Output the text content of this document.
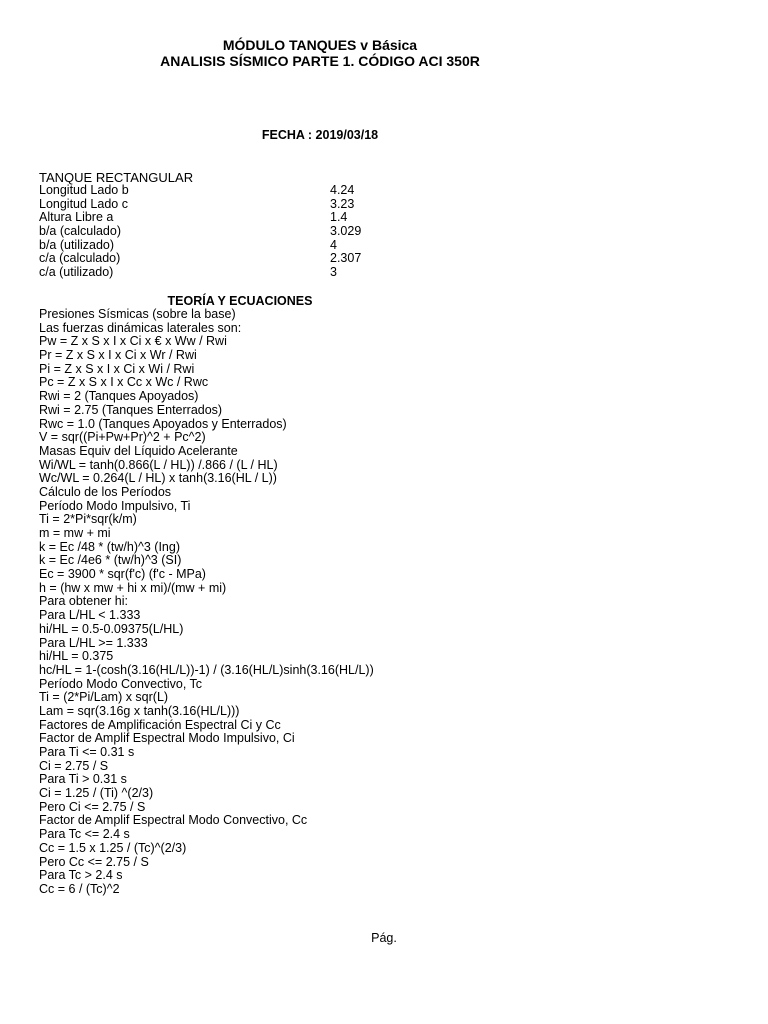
MÓDULO TANQUES v Básica
ANALISIS SÍSMICO PARTE 1. CÓDIGO ACI 350R
FECHA : 2019/03/18
TANQUE RECTANGULAR
Longitud Lado b	4.24
Longitud Lado c	3.23
Altura Libre a	1.4
b/a (calculado)	3.029
b/a (utilizado)	4
c/a (calculado)	2.307
c/a (utilizado)	3
TEORÍA Y ECUACIONES
Presiones Sísmicas (sobre la base)
Las fuerzas dinámicas laterales son:
Pw = Z x S x I x Ci x € x Ww / Rwi
Pr = Z x S x I x Ci x Wr / Rwi
Pi = Z x S x I x Ci x Wi / Rwi
Pc = Z x S x I x Cc x Wc / Rwc
Rwi = 2 (Tanques Apoyados)
Rwi = 2.75 (Tanques Enterrados)
Rwc = 1.0 (Tanques Apoyados y Enterrados)
V = sqr((Pi+Pw+Pr)^2 + Pc^2)
Masas Equiv del Líquido Acelerante
Wi/WL = tanh(0.866(L / HL)) /.866 / (L / HL)
Wc/WL = 0.264(L / HL) x tanh(3.16(HL / L))
Cálculo de los Períodos
Período Modo Impulsivo, Ti
Ti = 2*Pi*sqr(k/m)
m = mw + mi
k = Ec /48 * (tw/h)^3 (Ing)
k = Ec /4e6 * (tw/h)^3 (SI)
Ec = 3900 * sqr(f'c) (f'c - MPa)
h = (hw x mw + hi x mi)/(mw + mi)
Para obtener hi:
Para L/HL < 1.333
hi/HL = 0.5-0.09375(L/HL)
Para L/HL >= 1.333
hi/HL = 0.375
hc/HL = 1-(cosh(3.16(HL/L))-1) / (3.16(HL/L)sinh(3.16(HL/L))
Período Modo Convectivo, Tc
Ti = (2*Pi/Lam) x sqr(L)
Lam = sqr(3.16g x tanh(3.16(HL/L)))
Factores de Amplificación Espectral Ci y Cc
Factor de Amplif Espectral Modo Impulsivo, Ci
Para Ti <= 0.31 s
Ci = 2.75 / S
Para Ti > 0.31 s
Ci = 1.25 / (Ti) ^(2/3)
Pero Ci <= 2.75 / S
Factor de Amplif Espectral Modo Convectivo, Cc
Para Tc <= 2.4 s
Cc = 1.5 x 1.25 / (Tc)^(2/3)
Pero Cc <= 2.75 / S
Para Tc > 2.4 s
Cc = 6 / (Tc)^2
Pág.
